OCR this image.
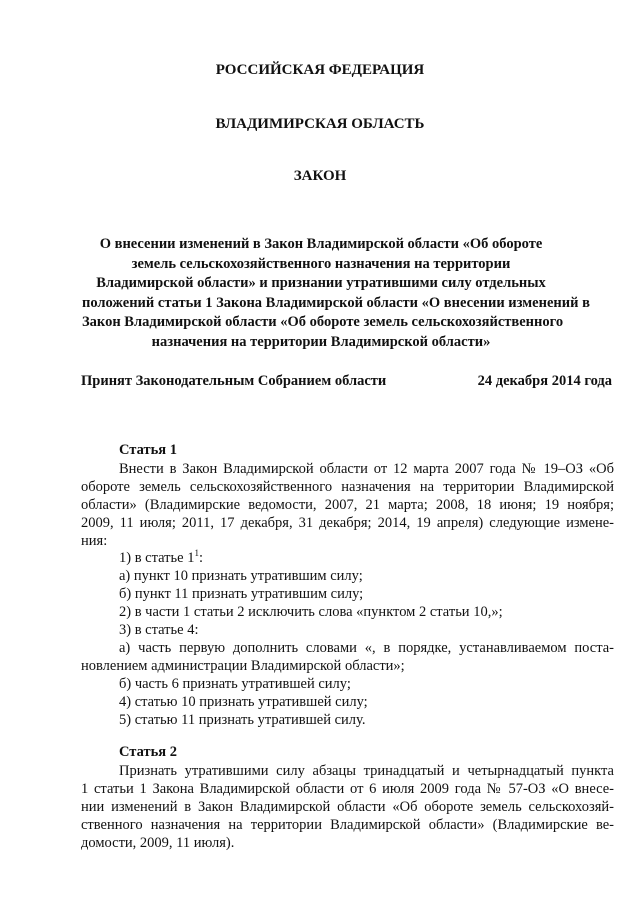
РОССИЙСКАЯ ФЕДЕРАЦИЯ
ВЛАДИМИРСКАЯ ОБЛАСТЬ
ЗАКОН
О внесении изменений в Закон Владимирской области «Об обороте
земель сельскохозяйственного назначения на территории
Владимирской области» и признании утратившими силу отдельных
положений статьи 1 Закона Владимирской области «О внесении изменений в
Закон Владимирской области «Об обороте земель сельскохозяйственного
назначения на территории Владимирской области»
Принят Законодательным Собранием области	24 декабря 2014 года
Статья 1
Внести в Закон Владимирской области от 12 марта 2007 года № 19–ОЗ «Об
обороте земель сельскохозяйственного назначения на территории Владимирской
области» (Владимирские ведомости, 2007, 21 марта; 2008, 18 июня; 19 ноября;
2009, 11 июля; 2011, 17 декабря, 31 декабря; 2014, 19 апреля) следующие измене-
ния:
1) в статье $1^1$:
а) пункт 10 признать утратившим силу;
б) пункт 11 признать утратившим силу;
2) в части 1 статьи 2 исключить слова «пунктом 2 статьи 10,»;
3) в статье 4:
а) часть первую дополнить словами «, в порядке, устанавливаемом поста-
новлением администрации Владимирской области»;
б) часть 6 признать утратившей силу;
4) статью 10 признать утратившей силу;
5) статью 11 признать утратившей силу.
Статья 2
Признать утратившими силу абзацы тринадцатый и четырнадцатый пункта
1 статьи 1 Закона Владимирской области от 6 июля 2009 года № 57-ОЗ «О внесе-
нии изменений в Закон Владимирской области «Об обороте земель сельскохозяй-
ственного назначения на территории Владимирской области» (Владимирские ве-
домости, 2009, 11 июля).
